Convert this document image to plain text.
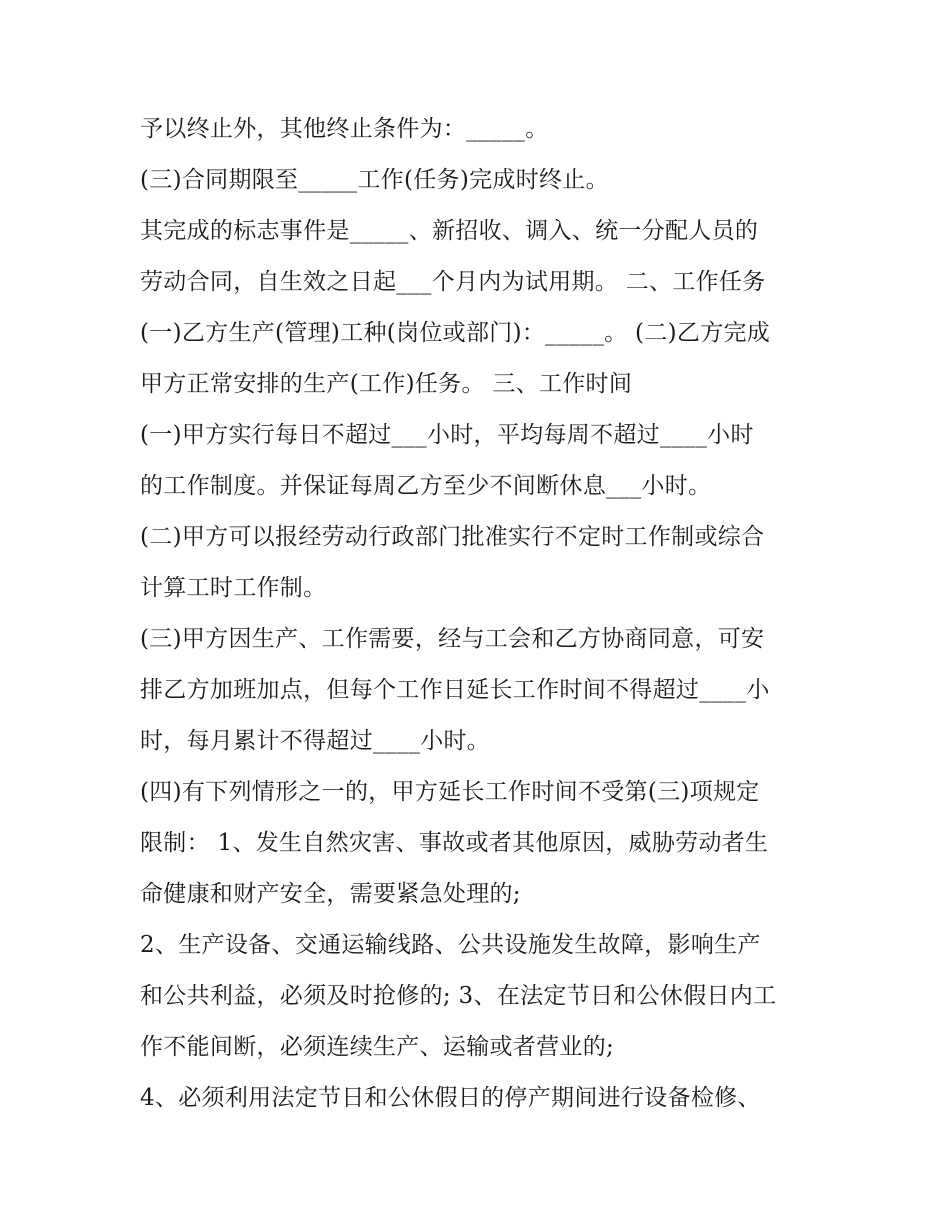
予以终止外，其他终止条件为：_____。
(三)合同期限至_____工作(任务)完成时终止。
其完成的标志事件是_____、新招收、调入、统一分配人员的
劳动合同，自生效之日起___个月内为试用期。 二、工作任务
(一)乙方生产(管理)工种(岗位或部门)：_____。 (二)乙方完成
甲方正常安排的生产(工作)任务。 三、工作时间
(一)甲方实行每日不超过___小时，平均每周不超过____小时
的工作制度。并保证每周乙方至少不间断休息___小时。
(二)甲方可以报经劳动行政部门批准实行不定时工作制或综合
计算工时工作制。
(三)甲方因生产、工作需要，经与工会和乙方协商同意，可安
排乙方加班加点，但每个工作日延长工作时间不得超过____小
时，每月累计不得超过____小时。
(四)有下列情形之一的，甲方延长工作时间不受第(三)项规定
限制： 1、发生自然灾害、事故或者其他原因，威胁劳动者生
命健康和财产安全，需要紧急处理的;
2、生产设备、交通运输线路、公共设施发生故障，影响生产
和公共利益，必须及时抢修的; 3、在法定节日和公休假日内工
作不能间断，必须连续生产、运输或者营业的;
4、必须利用法定节日和公休假日的停产期间进行设备检修、
